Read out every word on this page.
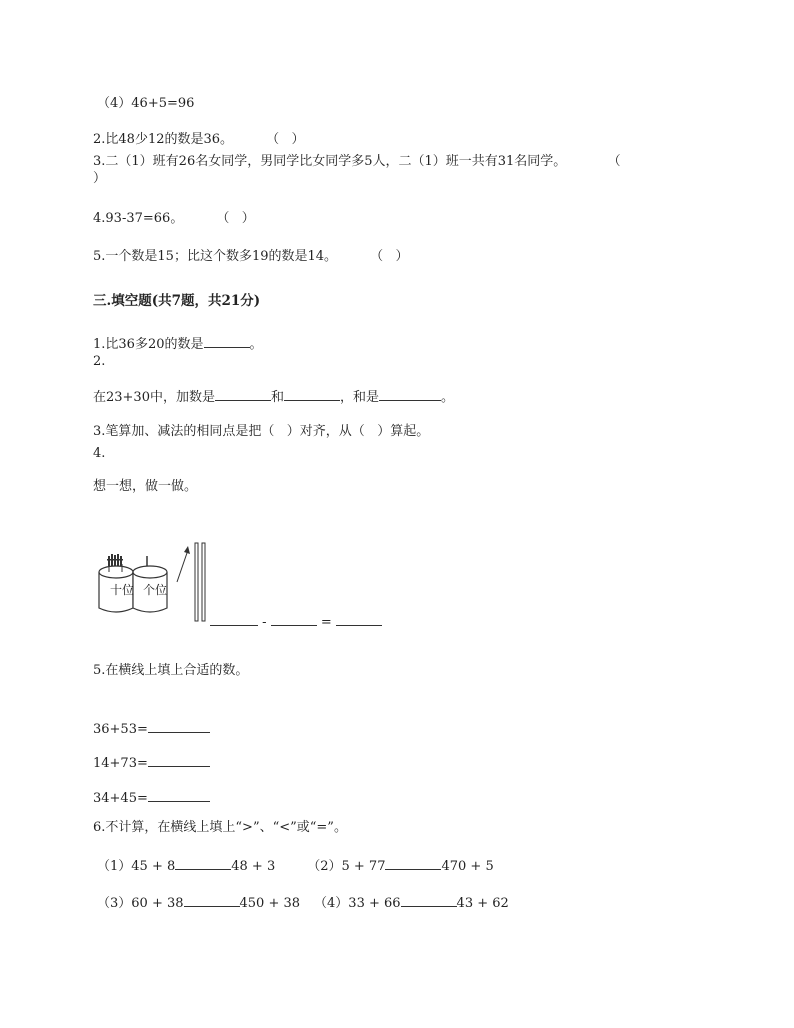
（4）46+5=96
2.比48少12的数是36。        （   ）
3.二（1）班有26名女同学，男同学比女同学多5人，二（1）班一共有31名同学。          （
）
4.93-37=66。        （   ）
5.一个数是15；比这个数多19的数是14。        （   ）
三.填空题(共7题，共21分)
1.比36多20的数是	。
2.
在23+30中，加数是	和	，和是	。
3.笔算加、减法的相同点是把（   ）对齐，从（   ）算起。
4.
想一想，做一做。
十位 个位
-	=
5.在横线上填上合适的数。
36+53=
14+73=
34+45=
6.不计算，在横线上填上“>”、“<”或“=”。
（1）45 + 8	48 + 3 （2）5 + 77	470 + 5
（3）60 + 38	450 + 38 （4）33 + 66	43 + 62
